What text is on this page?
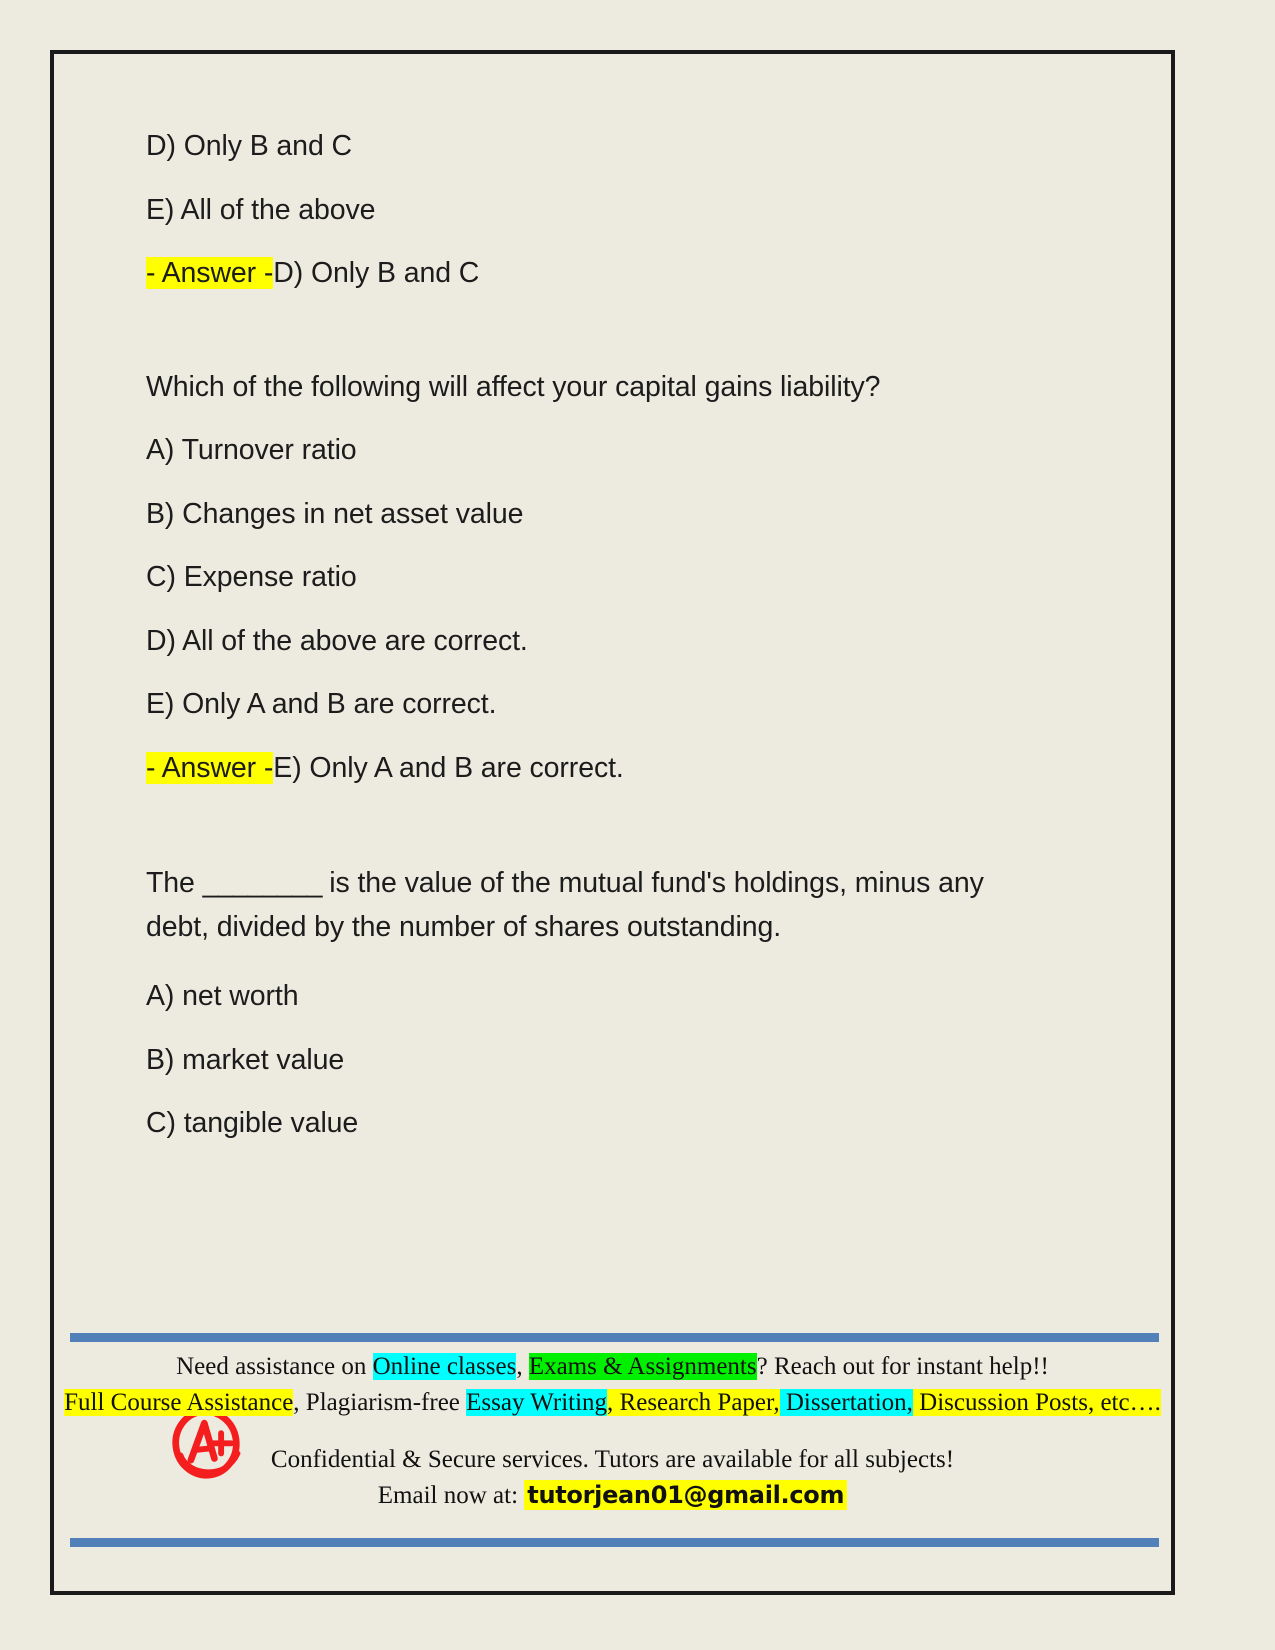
D) Only B and C

E) All of the above

- Answer -D) Only B and C

Which of the following will affect your capital gains liability?

A) Turnover ratio

B) Changes in net asset value

C) Expense ratio

D) All of the above are correct.

E) Only A and B are correct.

- Answer -E) Only A and B are correct.

The ________ is the value of the mutual fund's holdings, minus any debt, divided by the number of shares outstanding.

A) net worth

B) market value

C) tangible value

Need assistance on Online classes, Exams & Assignments? Reach out for instant help!!
Full Course Assistance, Plagiarism-free Essay Writing, Research Paper, Dissertation, Discussion Posts, etc….
Confidential & Secure services. Tutors are available for all subjects!
Email now at: tutorjean01@gmail.com
